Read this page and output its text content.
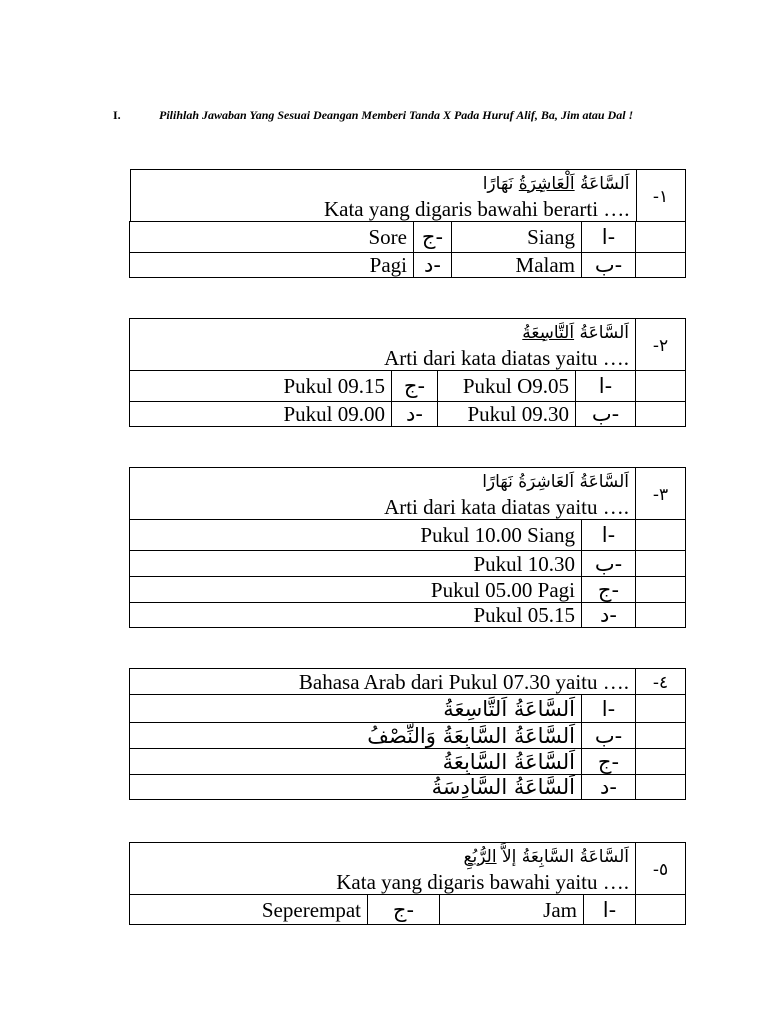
I.	Pilihlah Jawaban Yang Sesuai Deangan Memberi Tanda X Pada Huruf Alif, Ba, Jim atau Dal !
اَلسَّاعَةُ اَلْعَاشِرَةُ نَهَارًا
Kata yang digaris bawahi berarti ….	١-

Sore	ج-	Siang	ا-	
Pagi	د-	Malam	ب-	
اَلسَّاعَةُ اَلتَّاسِعَةُ
Arti dari kata diatas yaitu ….				٢-

Pukul 09.15	ج-	Pukul O9.05	ا-	
Pukul 09.00	د-	Pukul 09.30	ب-	
اَلسَّاعَةُ اَلعَاشِرَةُ نَهَارًا
Arti dari kata diatas yaitu ….		٣-

Pukul 10.00 Siang	ا-	
Pukul 10.30	ب-	
Pukul 05.00 Pagi	ج-	
Pukul 05.15	د-	
Bahasa Arab dari Pukul 07.30 yaitu ….		٤-

اَلسَّاعَةُ اَلتَّاسِعَةُ	ا-	
اَلسَّاعَةُ السَّابِعَةُ وَالنِّصْفُ	ب-	
اَلسَّاعَةُ السَّابِعَةُ	ج-	
اَلسَّاعَةُ السَّادِسَةُ	د-	
اَلسَّاعَةُ السَّابِعَةُ إلاَّ الرُّبُعِ
Kata yang digaris bawahi yaitu ….				٥-

Seperempat	ج-	Jam	ا-	
